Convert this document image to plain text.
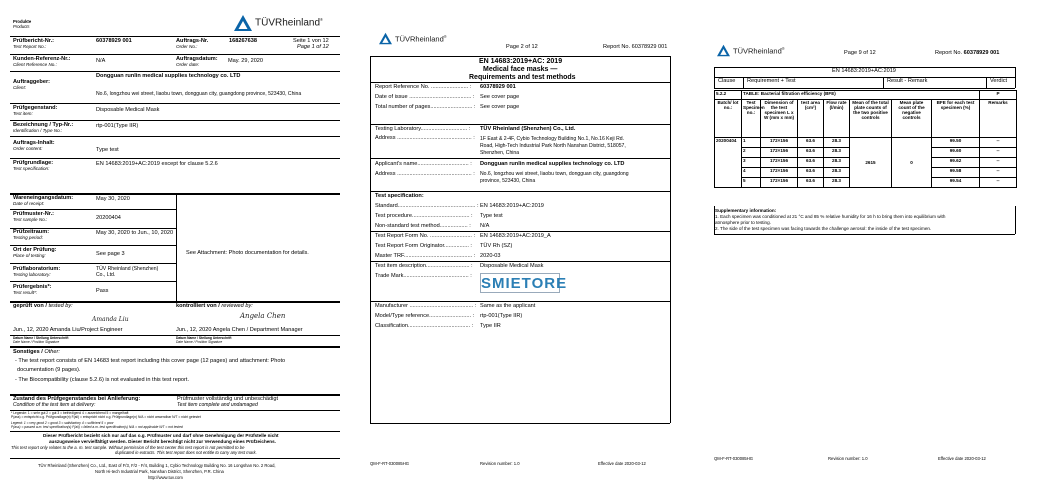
Produkte
Products	TÜVRheinland®
Prüfbericht-Nr.:
Test Report No.:
60378929 001	Auftrags-Nr.
Order No.:
168267638	Seite 1 von 12
Page 1 of 12
Kunden-Referenz-Nr.:
Client Reference No.:
N/A	Auftragsdatum:
Order date:
May. 29, 2020
Auftraggeber:
Client:
Dongguan runlin medical supplies technology co. LTD
No.6, longzhou wei street, liaobu town, dongguan city, guangdong province, 523430, China
Prüfgegenstand:
Test item:
Disposable Medical Mask
Bezeichnung / Typ-Nr.:
Identification / Type No.:
rtp-001(Type IIR)
Auftrags-Inhalt:
Order content:	Type test
Prüfgrundlage:
Test specification:
EN 14683:2019+AC:2019 except for clause 5.2.6
Wareneingangsdatum:
Date of receipt:
May 30, 2020
Prüfmuster-Nr.:
Test sample No.:	20200404
Prüfzeitraum:
Testing period:
May 30, 2020 to Jun., 10, 2020
Ort der Prüfung:
Place of testing:	See page 3
Prüflaboratorium:
Testing laboratory:
TÜV Rheinland (Shenzhen)
Co., Ltd.
Prüfergebnis*:
Test result*:	Pass
See Attachment: Photo documentation for details.
geprüft von / tested by:	kontrolliert von / reviewed by:
Amanda Liu	Angela Chen
Jun., 12, 2020 Amanda Liu/Project Engineer	Jun., 12, 2020 Angela Chen / Department Manager
Datum Name / Stellung Unterschrift
Date Name / Position Signature
Datum Name / Stellung Unterschrift
Date Name / Position Signature
Sonstiges / Other:
- The test report consists of EN 14683 test report including this cover page (12 pages) and attachment: Photo
documentation (9 pages).
- The Biocompatibility (clause 5.2.6) is not evaluated in this test report.
Zustand des Prüfgegenstandes bei Anlieferung:
Condition of the test item at delivery:
Prüfmuster vollständig und unbeschädigt
Test item complete and undamaged
* Legende: 1 = sehr gut 2 = gut 3 = befriedigend 4 = ausreichend 5 = mangelhaft
P(ass) = entspricht o.g. Prüfgrundlage(n) F(ail) = entspricht nicht o.g. Prüfgrundlage(n) N/A = nicht anwendbar N/T = nicht getestet
Legend: 1 = very good 2 = good 3 = satisfactory 4 = sufficient 5 = poor
P(ass) = passed a.m. test specification(s) F(ail) = failed a.m. test specification(s) N/A = not applicable N/T = not tested
Dieser Prüfbericht bezieht sich nur auf das o.g. Prüfmuster und darf ohne Genehmigung der Prüfstelle nicht
auszugsweise vervielfältigt werden. Dieser Bericht berechtigt nicht zur Verwendung eines Prüfzeichens.
This test report only relates to the a. m. test sample. Without permission of the test center this test report is not permitted to be
duplicated in extracts. This test report does not entitle to carry any test mark.
TÜV Rheinland (Shenzhen) Co., Ltd., East of F/3, F/2 - F/4, Building 1, Cybio Technology Building No. 16 Longshan No. 2 Road,
North Hi-tech Industrial Park, Nanshan District, Shenzhen, P.R. China
http://www.tuv.com
TÜVRheinland®
Page 2 of 12	Report No. 60378929 001
EN 14683:2019+AC: 2019
Medical face masks —
Requirements and test methods
Report Reference No. ........................ : 60378929 001
Date of issue ........................................ : See cover page
Total number of pages........................... : See cover page
Testing Laboratory.............................. : TÜV Rheinland (Shenzhen) Co., Ltd.
Address ................................................ : 1F East & 2-4F, Cybio Technology Building No.1, No.16 Keji Rd.
Road, High-Tech Industrial Park North Nanshan District, 518057,
Shenzhen, China
Applicant's name................................. : Dongguan runlin medical supplies technology co. LTD
Address ................................................ : No.6, longzhou wei street, liaobu town, dongguan city, guangdong
province, 523430, China
Test specification:
Standard.................................................. : EN 14683:2019+AC:2019
Test procedure..................................... : Type test
Non-standard test method.................. : N/A
Test Report Form No. ........................... : EN 14683:2019+AC:2019_A
Test Report Form Originator................ : TÜV Rh (SZ)
Master TRF............................................ : 2020-03
Test item description............................ : Disposable Medical Mask
Trade Mark.......................................... : SMIETORE
Manufacturer ......................................... : Same as the applicant
Model/Type reference........................... : rtp-001(Type IIR)
Classification........................................ : Type IIR
QM-F-RT-030085HG	Revision number: 1.0	Effective date 2020-03-12
TÜVRheinland®
Page 9 of 12	Report No. 60378929 001
EN 14683:2019+AC:2019
Clause Requirement + Test	Result - Remark	Verdict
5.2.2	TABLE: Bacterial filtration efficiency (BFE)							P
Batch/ lot no.:	Test Specimen no.:	Dimension of the test specimen L x W (mm x mm)	test area (cm²)	Flow rate (l/min)	Mean of the total plate counts of the two positive controls	Mean plate count of the negative controls	BFE for each test specimen (%)	Remarks
20200404	1	172×156	63.6	28.3	2615	0	99.50	--
	2	172×156	63.6	28.3			99.60	--
	3	172×156	63.6	28.3			99.62	--
	4	172×156	63.6	28.3			99.58	--
	5	172×156	63.6	28.3			99.54	--
Supplementary information:
1. Each specimen was conditioned at 21 °C and 85 % relative humidity for 16 h to bring them into equilibrium with
atmosphere prior to testing.
2. The side of the test specimen was facing towards the challenge aerosol: the inside of the test specimen.
QM-F-RT-030085HG	Revision number: 1.0	Effective date 2020-03-12
